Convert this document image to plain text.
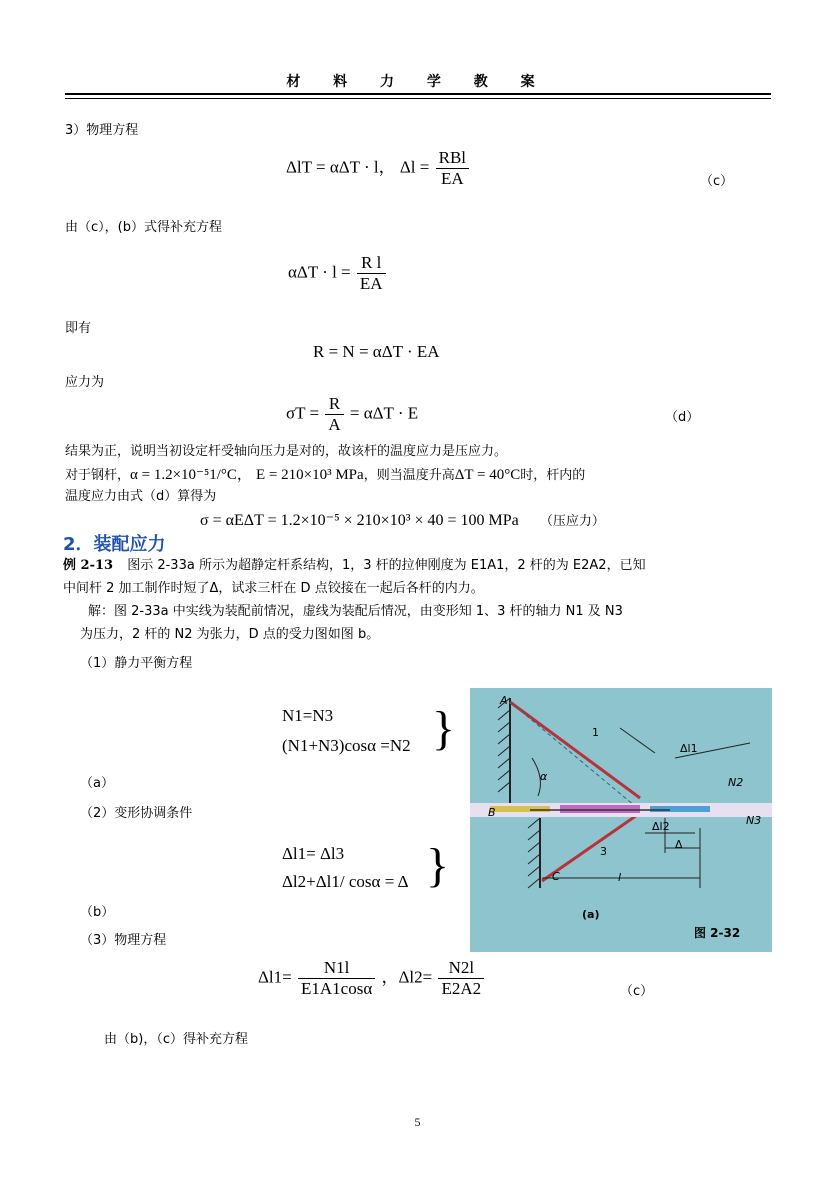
材 料 力 学 教 案
3）物理方程
ΔlT = αΔT · l， $\Delta l = \frac{\text{RBl}}{EA}$	（c）
由（c），(b）式得补充方程
$\alpha\Delta T \cdot l = \frac{\text{R l}}{EA}$
即有
R = N = αΔT · EA
应力为
$\sigma T = \frac{R}{A} = \alpha\Delta T \cdot E$	（d）
结果为正，说明当初设定杆受轴向压力是对的，故该杆的温度应力是压应力。
对于钢杆，α = 1.2×10⁻⁵1/°C， E = 210×10³ MPa，则当温度升高ΔT = 40°C时，杆内的
温度应力由式（d）算得为
σ = αEΔT = 1.2×10⁻⁵ × 210×10³ × 40 = 100 MPa （压应力）
2．装配应力
例 2-13 图示 2-33a 所示为超静定杆系结构，1，3 杆的拉伸刚度为 E1A1，2 杆的为 E2A2，已知
中间杆 2 加工制作时短了Δ，试求三杆在 D 点铰接在一起后各杆的内力。
解：图 2-33a 中实线为装配前情况，虚线为装配后情况，由变形知 1、3 杆的轴力 N1 及 N3
为压力，2 杆的 N2 为张力，D 点的受力图如图 b。
（1）静力平衡方程
N1=N3
(N1+N3)cosα =N2 }
（a）
（2）变形协调条件
Δl1= Δl3
Δl2+Δl1/ cosα = Δ }
（b）
（3）物理方程
$\Delta l1= \frac{N1l}{E1A1\cos\alpha}$ ，$\Delta l2= \frac{N2l}{E2A2}$	（c）
由（b)，（c）得补充方程
A
B
C
1
3
α
Δl1
Δl2
Δ
l
N2
N3
(a)
图 2-32
5
